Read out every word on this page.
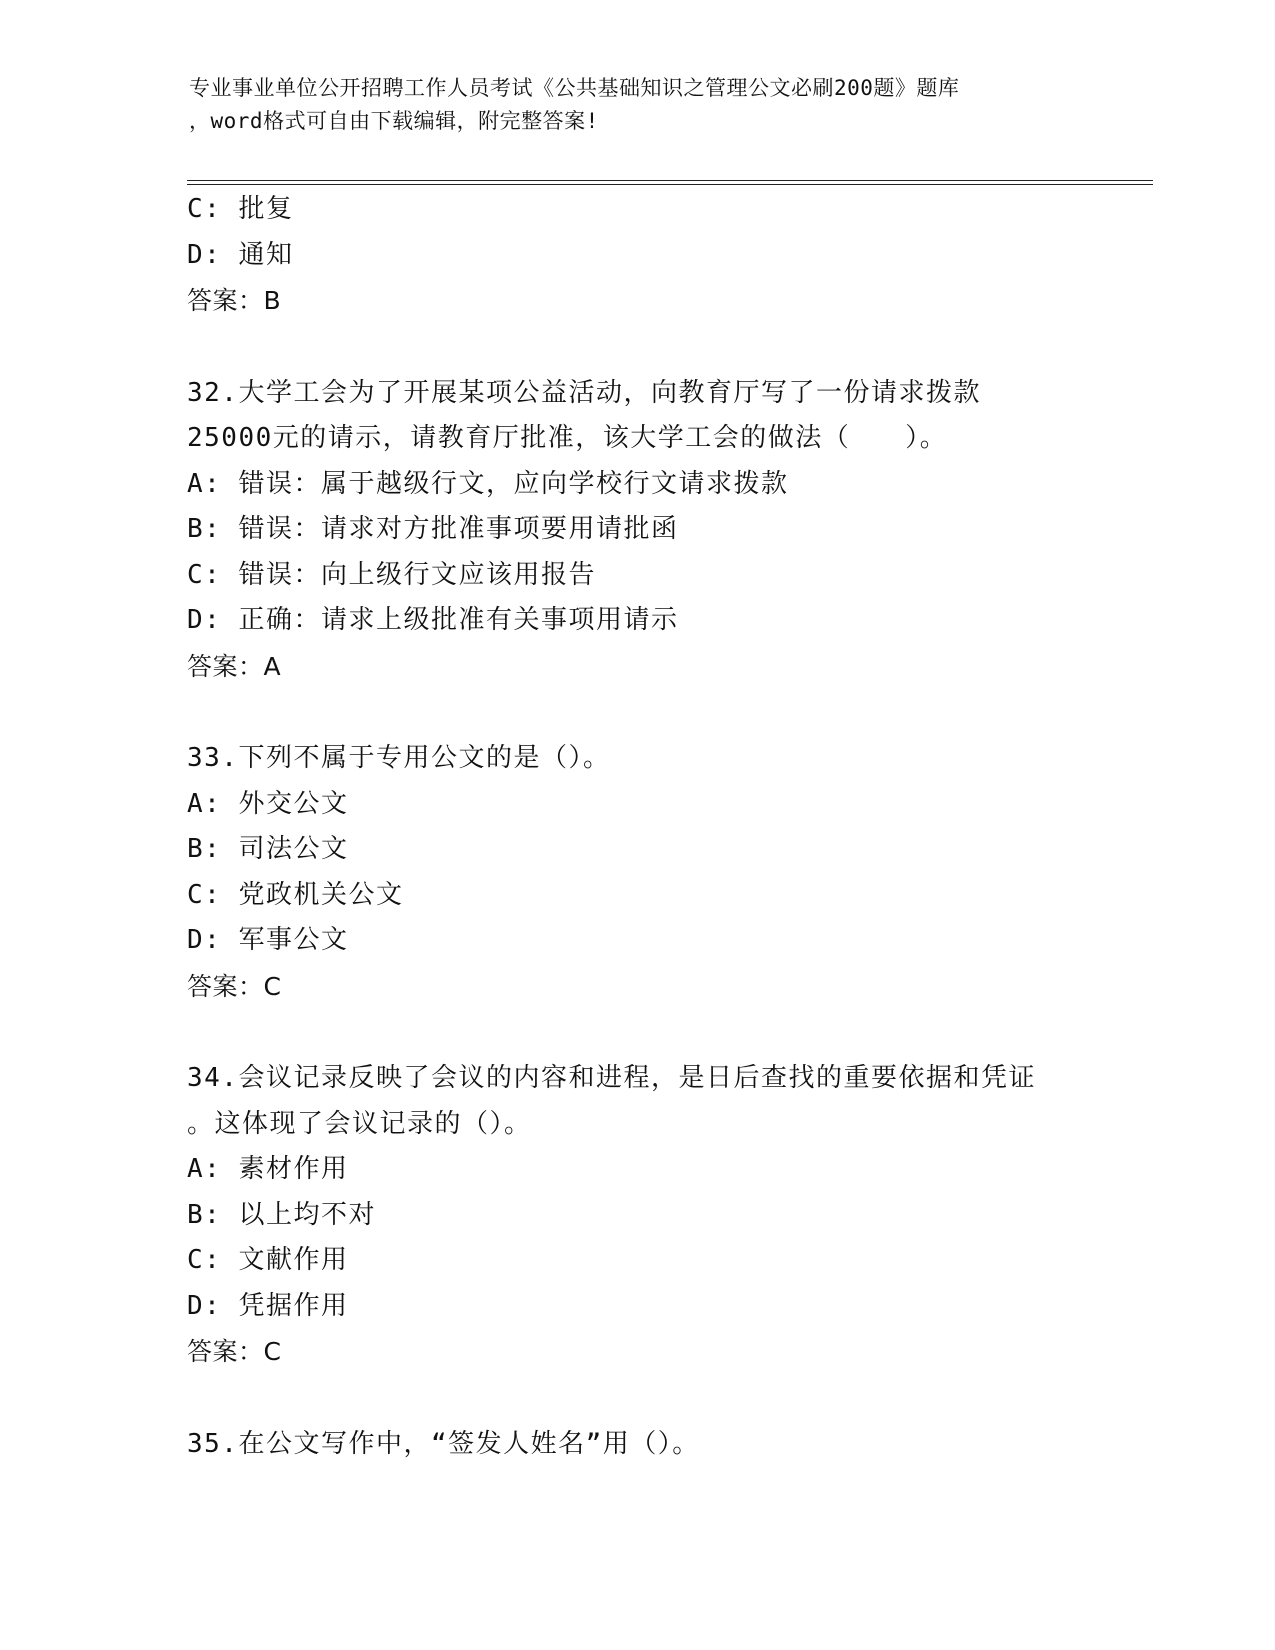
专业事业单位公开招聘工作人员考试《公共基础知识之管理公文必刷200题》题库
，word格式可自由下载编辑，附完整答案!
C: 批复
D: 通知
答案：B
32.大学工会为了开展某项公益活动，向教育厅写了一份请求拨款
25000元的请示，请教育厅批准，该大学工会的做法（　　）。
A: 错误：属于越级行文，应向学校行文请求拨款
B: 错误：请求对方批准事项要用请批函
C: 错误：向上级行文应该用报告
D: 正确：请求上级批准有关事项用请示
答案：A
33.下列不属于专用公文的是（）。
A: 外交公文
B: 司法公文
C: 党政机关公文
D: 军事公文
答案：C
34.会议记录反映了会议的内容和进程，是日后查找的重要依据和凭证
。这体现了会议记录的（）。
A: 素材作用
B: 以上均不对
C: 文献作用
D: 凭据作用
答案：C
35.在公文写作中，“签发人姓名”用（）。
